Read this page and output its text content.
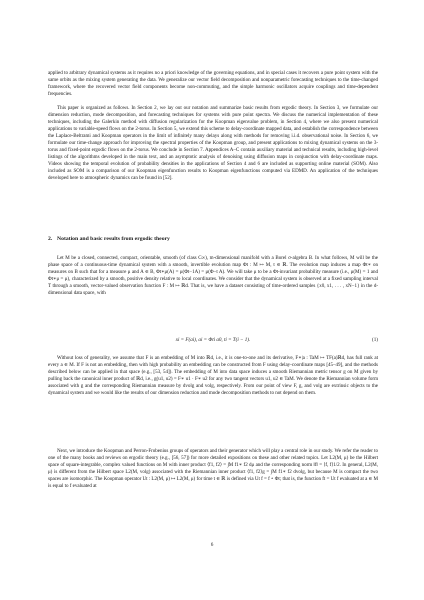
applied to arbitrary dynamical systems as it requires no a priori knowledge of the governing equations, and in special cases it recovers a pure point system with the same orbits as the mixing system generating the data. We generalize our vector field decomposition and nonparametric forecasting techniques to the time-changed framework, where the recovered vector field components become non-commuting, and the simple harmonic oscillators acquire couplings and time-dependent frequencies.

This paper is organized as follows. In Section 2, we lay out our notation and summarize basic results from ergodic theory. In Section 3, we formulate our dimension reduction, mode decomposition, and forecasting techniques for systems with pure point spectra. We discuss the numerical implementation of these techniques, including the Galerkin method with diffusion regularization for the Koopman eigenvalue problem, in Section 4, where we also present numerical applications to variable-speed flows on the 2-torus. In Section 5, we extend this scheme to delay-coordinate mapped data, and establish the correspondence between the Laplace-Beltrami and Koopman operators in the limit of infinitely many delays along with methods for removing i.i.d. observational noise. In Section 6, we formulate our time-change approach for improving the spectral properties of the Koopman group, and present applications to mixing dynamical systems on the 3-torus and fixed-point ergodic flows on the 2-torus. We conclude in Section 7. Appendices A–C contain auxiliary material and technical results, including high-level listings of the algorithms developed in the main text, and an asymptotic analysis of denoising using diffusion maps in conjunction with delay-coordinate maps. Videos showing the temporal evolution of probability densities in the applications of Section 4 and 6 are included as supporting online material (SOM). Also included as SOM is a comparison of our Koopman eigenfunction results to Koopman eigenfunctions computed via EDMD. An application of the techniques developed here to atmospheric dynamics can be found in [52].

2. Notation and basic results from ergodic theory

Let M be a closed, connected, compact, orientable, smooth (of class C∞), m-dimensional manifold with a Borel σ-algebra B. In what follows, M will be the phase space of a continuous-time dynamical system with a smooth, invertible evolution map Φt : M ↦ M, t ∈ ℝ. The evolution map induces a map Φt∗ on measures on B such that for a measure μ and A ∈ B, Φt∗μ(A) = μ(Φt−1A) = μ(Φ−t A). We will take μ to be a Φt-invariant probability measure (i.e., μ(M) = 1 and Φt∗μ = μ), characterized by a smooth, positive density relative to local coordinates. We consider that the dynamical system is observed at a fixed sampling interval T through a smooth, vector-valued observation function F : M ↦ ℝd. That is, we have a dataset consisting of time-ordered samples {x0, x1, . . . , xN−1} in the d-dimensional data space, with

xi = F(ai), ai = Φti a0, ti = T(i − 1).	(1)

Without loss of generality, we assume that F is an embedding of M into ℝd, i.e., it is one-to-one and its derivative, F∗|a : TaM ↦ TF(a)ℝd, has full rank at every a ∈ M. If F is not an embedding, then with high probability an embedding can be constructed from F using delay-coordinate maps [45–49], and the methods described below can be applied in that space (e.g., [53, 54]). The embedding of M into data space induces a smooth Riemannian metric tensor g on M given by pulling back the canonical inner product of ℝd, i.e., g(u1, u2) = F∗ u1 · F∗ u2 for any two tangent vectors u1, u2 ∈ TaM. We denote the Riemannian volume form associated with g and the corresponding Riemannian measure by dvolg and volg, respectively. From our point of view F, g, and volg are extrinsic objects to the dynamical system and we would like the results of our dimension reduction and mode decomposition methods to not depend on them.

Next, we introduce the Koopman and Perron-Frobenius groups of operators and their generator which will play a central role in our study. We refer the reader to one of the many books and reviews on ergodic theory (e.g., [56, 57]) for more detailed expositions on these and other related topics. Let L2(M, μ) be the Hilbert space of square-integrable, complex valued functions on M with inner product ⟨f1, f2⟩ = ∫M f1∗ f2 dμ and the corresponding norm ‖f‖ = ⟨f, f⟩1/2. In general, L2(M, μ) is different from the Hilbert space L2(M, volg) associated with the Riemannian inner product ⟨f1, f2⟩g = ∫M f1∗ f2 dvolg, but because M is compact the two spaces are isomorphic. The Koopman operator Ut : L2(M, μ) ↦ L2(M, μ) for time t ∈ ℝ is defined via Ut f = f ∘ Φt; that is, the function ft = Ut f evaluated at a ∈ M is equal to f evaluated at

6
